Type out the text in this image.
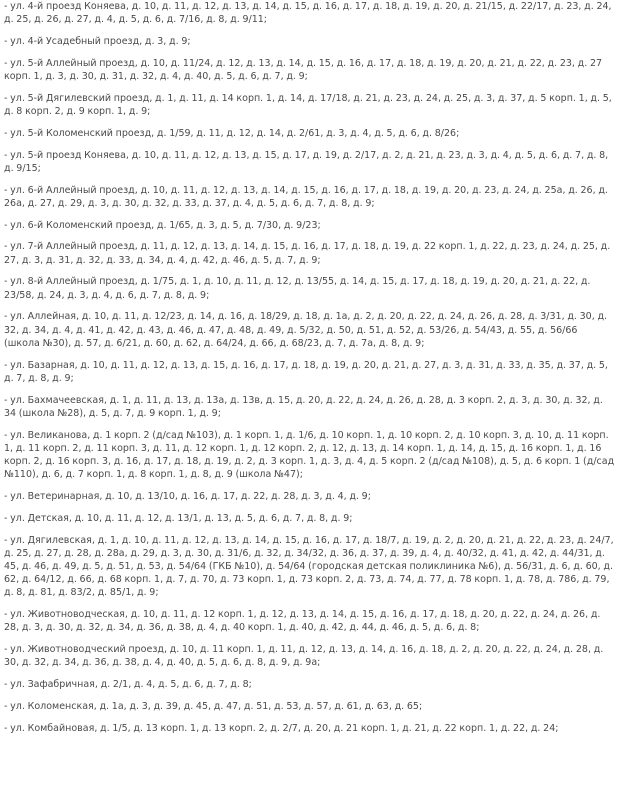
- ул. 4-й проезд Коняева, д. 10, д. 11, д. 12, д. 13, д. 14, д. 15, д. 16, д. 17, д. 18, д. 19, д. 20, д. 21/15, д. 22/17, д. 23, д. 24, д. 25, д. 26, д. 27, д. 4, д. 5, д. 6, д. 7/16, д. 8, д. 9/11;

- ул. 4-й Усадебный проезд, д. 3, д. 9;

- ул. 5-й Аллейный проезд, д. 10, д. 11/24, д. 12, д. 13, д. 14, д. 15, д. 16, д. 17, д. 18, д. 19, д. 20, д. 21, д. 22, д. 23, д. 27 корп. 1, д. 3, д. 30, д. 31, д. 32, д. 4, д. 40, д. 5, д. 6, д. 7, д. 9;

- ул. 5-й Дягилевский проезд, д. 1, д. 11, д. 14 корп. 1, д. 14, д. 17/18, д. 21, д. 23, д. 24, д. 25, д. 3, д. 37, д. 5 корп. 1, д. 5, д. 8 корп. 2, д. 9 корп. 1, д. 9;

- ул. 5-й Коломенский проезд, д. 1/59, д. 11, д. 12, д. 14, д. 2/61, д. 3, д. 4, д. 5, д. 6, д. 8/26;

- ул. 5-й проезд Коняева, д. 10, д. 11, д. 12, д. 13, д. 15, д. 17, д. 19, д. 2/17, д. 2, д. 21, д. 23, д. 3, д. 4, д. 5, д. 6, д. 7, д. 8, д. 9/15;

- ул. 6-й Аллейный проезд, д. 10, д. 11, д. 12, д. 13, д. 14, д. 15, д. 16, д. 17, д. 18, д. 19, д. 20, д. 23, д. 24, д. 25а, д. 26, д. 26а, д. 27, д. 29, д. 3, д. 30, д. 32, д. 33, д. 37, д. 4, д. 5, д. 6, д. 7, д. 8, д. 9;

- ул. 6-й Коломенский проезд, д. 1/65, д. 3, д. 5, д. 7/30, д. 9/23;

- ул. 7-й Аллейный проезд, д. 11, д. 12, д. 13, д. 14, д. 15, д. 16, д. 17, д. 18, д. 19, д. 22 корп. 1, д. 22, д. 23, д. 24, д. 25, д. 27, д. 3, д. 31, д. 32, д. 33, д. 34, д. 4, д. 42, д. 46, д. 5, д. 7, д. 9;

- ул. 8-й Аллейный проезд, д. 1/75, д. 1, д. 10, д. 11, д. 12, д. 13/55, д. 14, д. 15, д. 17, д. 18, д. 19, д. 20, д. 21, д. 22, д. 23/58, д. 24, д. 3, д. 4, д. 6, д. 7, д. 8, д. 9;

- ул. Аллейная, д. 10, д. 11, д. 12/23, д. 14, д. 16, д. 18/29, д. 18, д. 1а, д. 2, д. 20, д. 22, д. 24, д. 26, д. 28, д. 3/31, д. 30, д. 32, д. 34, д. 4, д. 41, д. 42, д. 43, д. 46, д. 47, д. 48, д. 49, д. 5/32, д. 50, д. 51, д. 52, д. 53/26, д. 54/43, д. 55, д. 56/66 (школа №30), д. 57, д. 6/21, д. 60, д. 62, д. 64/24, д. 66, д. 68/23, д. 7, д. 7а, д. 8, д. 9;

- ул. Базарная, д. 10, д. 11, д. 12, д. 13, д. 15, д. 16, д. 17, д. 18, д. 19, д. 20, д. 21, д. 27, д. 3, д. 31, д. 33, д. 35, д. 37, д. 5, д. 7, д. 8, д. 9;

- ул. Бахмачеевская, д. 1, д. 11, д. 13, д. 13а, д. 13в, д. 15, д. 20, д. 22, д. 24, д. 26, д. 28, д. 3 корп. 2, д. 3, д. 30, д. 32, д. 34 (школа №28), д. 5, д. 7, д. 9 корп. 1, д. 9;

- ул. Великанова, д. 1 корп. 2 (д/сад №103), д. 1 корп. 1, д. 1/6, д. 10 корп. 1, д. 10 корп. 2, д. 10 корп. 3, д. 10, д. 11 корп. 1, д. 11 корп. 2, д. 11 корп. 3, д. 11, д. 12 корп. 1, д. 12 корп. 2, д. 12, д. 13, д. 14 корп. 1, д. 14, д. 15, д. 16 корп. 1, д. 16 корп. 2, д. 16 корп. 3, д. 16, д. 17, д. 18, д. 19, д. 2, д. 3 корп. 1, д. 3, д. 4, д. 5 корп. 2 (д/сад №108), д. 5, д. 6 корп. 1 (д/сад №110), д. 6, д. 7 корп. 1, д. 8 корп. 1, д. 8, д. 9 (школа №47);

- ул. Ветеринарная, д. 10, д. 13/10, д. 16, д. 17, д. 22, д. 28, д. 3, д. 4, д. 9;

- ул. Детская, д. 10, д. 11, д. 12, д. 13/1, д. 13, д. 5, д. 6, д. 7, д. 8, д. 9;

- ул. Дягилевская, д. 1, д. 10, д. 11, д. 12, д. 13, д. 14, д. 15, д. 16, д. 17, д. 18/7, д. 19, д. 2, д. 20, д. 21, д. 22, д. 23, д. 24/7, д. 25, д. 27, д. 28, д. 28а, д. 29, д. 3, д. 30, д. 31/6, д. 32, д. 34/32, д. 36, д. 37, д. 39, д. 4, д. 40/32, д. 41, д. 42, д. 44/31, д. 45, д. 46, д. 49, д. 5, д. 51, д. 53, д. 54/64 (ГКБ №10), д. 54/64 (городская детская поликлиника №6), д. 56/31, д. 6, д. 60, д. 62, д. 64/12, д. 66, д. 68 корп. 1, д. 7, д. 70, д. 73 корп. 1, д. 73 корп. 2, д. 73, д. 74, д. 77, д. 78 корп. 1, д. 78, д. 786, д. 79, д. 8, д. 81, д. 83/2, д. 85/1, д. 9;

- ул. Животноводческая, д. 10, д. 11, д. 12 корп. 1, д. 12, д. 13, д. 14, д. 15, д. 16, д. 17, д. 18, д. 20, д. 22, д. 24, д. 26, д. 28, д. 3, д. 30, д. 32, д. 34, д. 36, д. 38, д. 4, д. 40 корп. 1, д. 40, д. 42, д. 44, д. 46, д. 5, д. 6, д. 8;

- ул. Животноводческий проезд, д. 10, д. 11 корп. 1, д. 11, д. 12, д. 13, д. 14, д. 16, д. 18, д. 2, д. 20, д. 22, д. 24, д. 28, д. 30, д. 32, д. 34, д. 36, д. 38, д. 4, д. 40, д. 5, д. 6, д. 8, д. 9, д. 9а;

- ул. Зафабричная, д. 2/1, д. 4, д. 5, д. 6, д. 7, д. 8;

- ул. Коломенская, д. 1а, д. 3, д. 39, д. 45, д. 47, д. 51, д. 53, д. 57, д. 61, д. 63, д. 65;

- ул. Комбайновая, д. 1/5, д. 13 корп. 1, д. 13 корп. 2, д. 2/7, д. 20, д. 21 корп. 1, д. 21, д. 22 корп. 1, д. 22, д. 24;
